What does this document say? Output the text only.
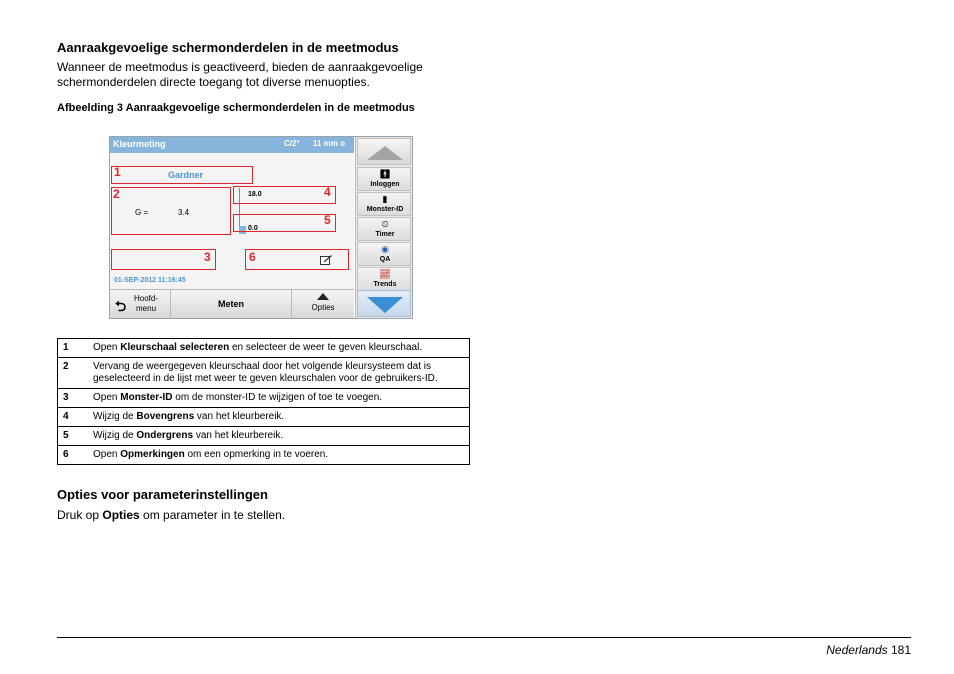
Aanraakgevoelige schermonderdelen in de meetmodus
Wanneer de meetmodus is geactiveerd, bieden de aanraakgevoelige schermonderdelen directe toegang tot diverse menuopties.
Afbeelding 3 Aanraakgevoelige schermonderdelen in de meetmodus
Kleurmeting	C/2° 11 mm o
1	Gardner
2
G =	3.4
4
18.0
5
0.0
3	6
01-SEP-2012 11:16:45
⮌ Hoofd-
menu	Meten	Opties
🚹︎
Inloggen
▮
Monster-ID
⏲
Timer
◉
QA
📈︎
Trends
1	Open Kleurschaal selecteren en selecteer de weer te geven kleurschaal.
2	Vervang de weergegeven kleurschaal door het volgende kleursysteem dat is geselecteerd in de lijst met weer te geven kleurschalen voor de gebruikers-ID.
3	Open Monster-ID om de monster-ID te wijzigen of toe te voegen.
4	Wijzig de Bovengrens van het kleurbereik.
5	Wijzig de Ondergrens van het kleurbereik.
6	Open Opmerkingen om een opmerking in te voeren.
Opties voor parameterinstellingen
Druk op Opties om parameter in te stellen.
Nederlands 181
